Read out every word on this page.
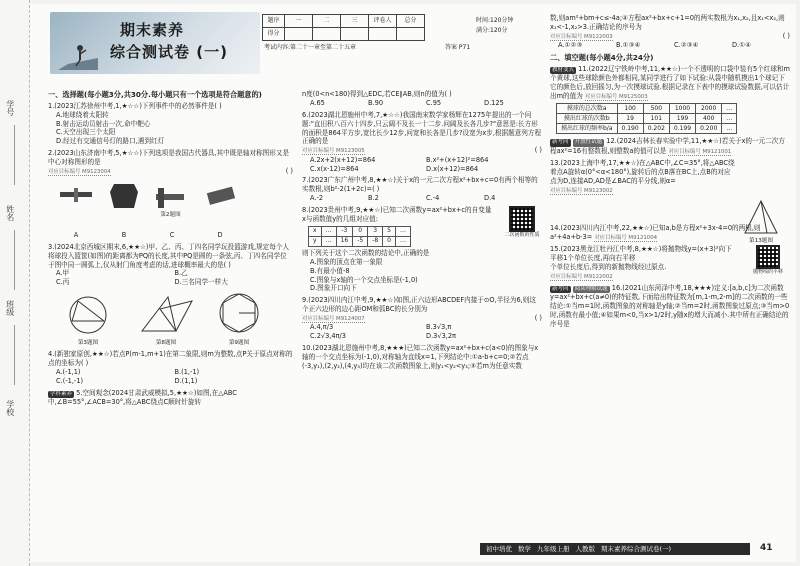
学号
姓名
班级
学校
期末素养
综合测试卷 (一)
题序	一	二	三	评卷人	总分
得分					
时间:120分钟
满分:120分
考试内容:第二十一章至第二十五章	答案 P71
一、选择题(每小题3分,共30分.每小题只有一个选项是符合题意的)
1.(2023江苏徐州中考,1,★☆☆)下列事件中的必然事件是( )
A.地球绕着太阳转
B.射击运动员射击一次,命中靶心
C.天空出现三个太阳
D.经过有交通信号灯的路口,遇到红灯
2.(2023山东济南中考,5,★☆☆)下列选项是我国古代器具,其中既是轴对称图形又是中心对称图形的是
对应目标编号 M9123004	( )
第2题图
A	B	C	D
3.(2024北京西城区期末,6,★★☆)甲、乙、丙、丁四名同学玩投篮游戏,规定每个人将球投入篮筐(如图)的距离都为PQ的长度,其中PQ是圆的一条弦,丙、丁四名同学位于图中同一圆弧上,仅从射门角度考虑的话,进球概率最大的是( )
A.甲	B.乙
C.丙	D.三名同学一样大
第3题图	第8题图	第9题图
4.(新独家原创,★★☆)若点P(m-1,m+1)在第二象限,则m为整数,点P关于原点对称的点的坐标为( )
A.(-1,1)	B.(1,-1)
C.(-1,-1)	D.(1,1)
学科素养 5.空间观念(2024甘肃武威模拟,5,★★☆)如图,在△ABC中,∠B=55°,∠ACB=30°,将△ABC绕点C顺时针旋转
n度(0<n<180)得到△EDC,若CE∥AB,则n的值为( )
A.65	B.90	C.95	D.125
6.(2023湖北恩施州中考,7,★☆☆)我国南宋数学家杨辉在1275年提出的一个问题:"直田积八百六十四步,只云阔不及长一十二步.问阔及长各几步?"意思是:长方形的面积是864平方步,宽比长少12步,问宽和长各是几步?设宽为x步,根据题意列方程正确的是
对应目标编号 M9123005	( )
A.2x+2(x+12)=864	B.x²+(x+12)²=864
C.x(x-12)=864	D.x(x+12)=864
7.(2023广东广州中考,8,★★☆)关于x的一元二次方程x²+bx+c=0有两个相等的实数根,则b²-2(1+2c)=( )
A.-2	B.2	C.-4	D.4
8.(2023贵州中考,9,★★☆)已知二次函数y=ax²+bx+c的自变量x与函数值y的几组对应值:
二次函数的性质
x	…	-3	0	3	5	…
y	…	16	-5	-8	0	…
则下列关于这个二次函数的结论中,正确的是
A.图象的顶点在第一象限
B.有最小值-8
C.图象与x轴的一个交点坐标是(-1,0)
D.图象开口向下
9.(2023四川内江中考,9,★★☆)如图,正六边形ABCDEF内接于⊙O,半径为6,则这个正六边形的边心距OM和弧BC的长分别为
对应目标编号 M9124007	( )
A.4,π/3	B.3√3,π
C.2√3,4π/3	D.3√3,2π
10.(2023湖北恩施州中考,8,★★★)已知二次函数y=ax²+bx+c(a<0)的图象与x轴的一个交点坐标为(-1,0),对称轴为直线x=1,下列结论中:①a-b+c=0;②若点(-3,y₁),(2,y₂),(4,y₃)均在该二次函数图象上,则y₁<y₂<y₃;③若m为任意实数
数,则am²+bm+c≤-4a;④方程ax²+bx+c+1=0的两实数根为x₁,x₂,且x₁<x₂,则x₁<-1,x₂>3.正确结论的序号为
对应目标编号 M9122003	( )
A.①②③	B.①③④	C.②③④	D.①④
二、填空题(每小题4分,共24分)
教材变式 11.(2022辽宁铁岭中考,11,★★☆)一个不透明的口袋中装有5个红球和m个黄球,这些球除颜色外都相同,某同学进行了如下试验:从袋中随机摸出1个球记下它的颜色后,放回摇匀,为一次摸球试验.根据记录在下表中的摸球试验数据,可以估计出m的值为 对应目标编号 M9125003
摸球的总次数a	100	500	1000	2000	…
摸出红球的次数b	19	101	199	400	…
摸出红球的频率b/a	0.190	0.202	0.199	0.200	…
新考向 开放性试题 12.(2024吉林长春实验中学,11,★★☆)若关于x的一元二次方程ax²=16有整数根,则整数a的值可以是 对应目标编号 M9121001
13.(2023上海中考,17,★★☆)在△ABC中,∠C=35°,将△ABC绕着点A旋转α(0°<α<180°),旋转后的点B落在BC上,点B的对应点为D,连接AD,AD是∠BAC的平分线,则α=
对应目标编号 M9123002
第13题图
14.(2023四川内江中考,22,★★☆)已知a,b是方程x²+3x-4=0的两根,则a²+4a+b-3= 对应目标编号 M9121004
15.(2023黑龙江牡丹江中考,8,★★☆)将抛物线y=(x+3)²向下平移1个单位长度,再向右平移
个单位长度后,得到的新抛物线经过原点.
对应目标编号 M9122002
抛物线的平移
新考向 阅读理解试题 16.(2021山东菏泽中考,18,★★★)定义:[a,b,c]为二次函数y=ax²+bx+c(a≠0)的特征数,下面给出特征数为[m,1-m,2-m]的二次函数的一些结论:①当m=1时,函数图象的对称轴是y轴;②当m=2时,函数图象过原点;③当m>0时,函数有最小值;④如果m<0,当x>1/2时,y随x的增大而减小.其中所有正确结论的序号是
初中培优 数学 九年级上册 人教版 期末素养综合测试卷(一)	41
